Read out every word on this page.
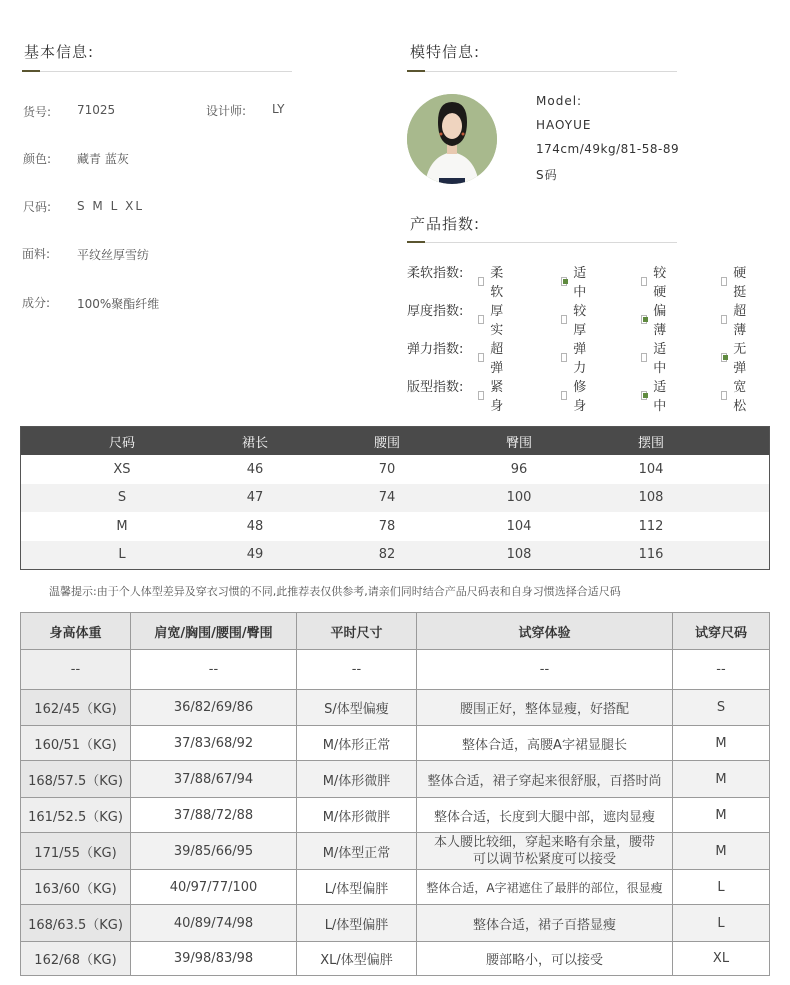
基本信息:
货号: 71025	设计师: LY
颜色: 藏青 蓝灰
尺码: S M L XL
面料: 平纹丝厚雪纺
成分: 100%聚酯纤维
模特信息:
Model:
HAOYUE
174cm/49kg/81-58-89
S码
产品指数:
柔软指数: 柔软
适中
较硬
硬挺
厚度指数: 厚实
较厚
偏薄
超薄
弹力指数: 超弹
弹力
适中
无弹
版型指数: 紧身
修身
适中
宽松
尺码	裙长	腰围	臀围	摆围
XS	46	70	96	104
S	47	74	100	108
M	48	78	104	112
L	49	82	108	116
温馨提示:由于个人体型差异及穿衣习惯的不同,此推荐表仅供参考,请亲们同时结合产品尺码表和自身习惯选择合适尺码
身高体重	肩宽/胸围/腰围/臀围	平时尺寸	试穿体验	试穿尺码
--	--	--	--	--
162/45（KG)	36/82/69/86	S/体型偏瘦	腰围正好，整体显瘦，好搭配	S
160/51（KG)	37/83/68/92	M/体形正常	整体合适，高腰A字裙显腿长	M
168/57.5（KG)	37/88/67/94	M/体形微胖	整体合适，裙子穿起来很舒服，百搭时尚	M
161/52.5（KG)	37/88/72/88	M/体形微胖	整体合适，长度到大腿中部，遮肉显瘦	M
171/55（KG)	39/85/66/95	M/体型正常	本人腰比较细，穿起来略有余量，腰带可以调节松紧度可以接受	M
163/60（KG)	40/97/77/100	L/体型偏胖	整体合适，A字裙遮住了最胖的部位，很显瘦	L
168/63.5（KG)	40/89/74/98	L/体型偏胖	整体合适，裙子百搭显瘦	L
162/68（KG)	39/98/83/98	XL/体型偏胖	腰部略小，可以接受	XL
